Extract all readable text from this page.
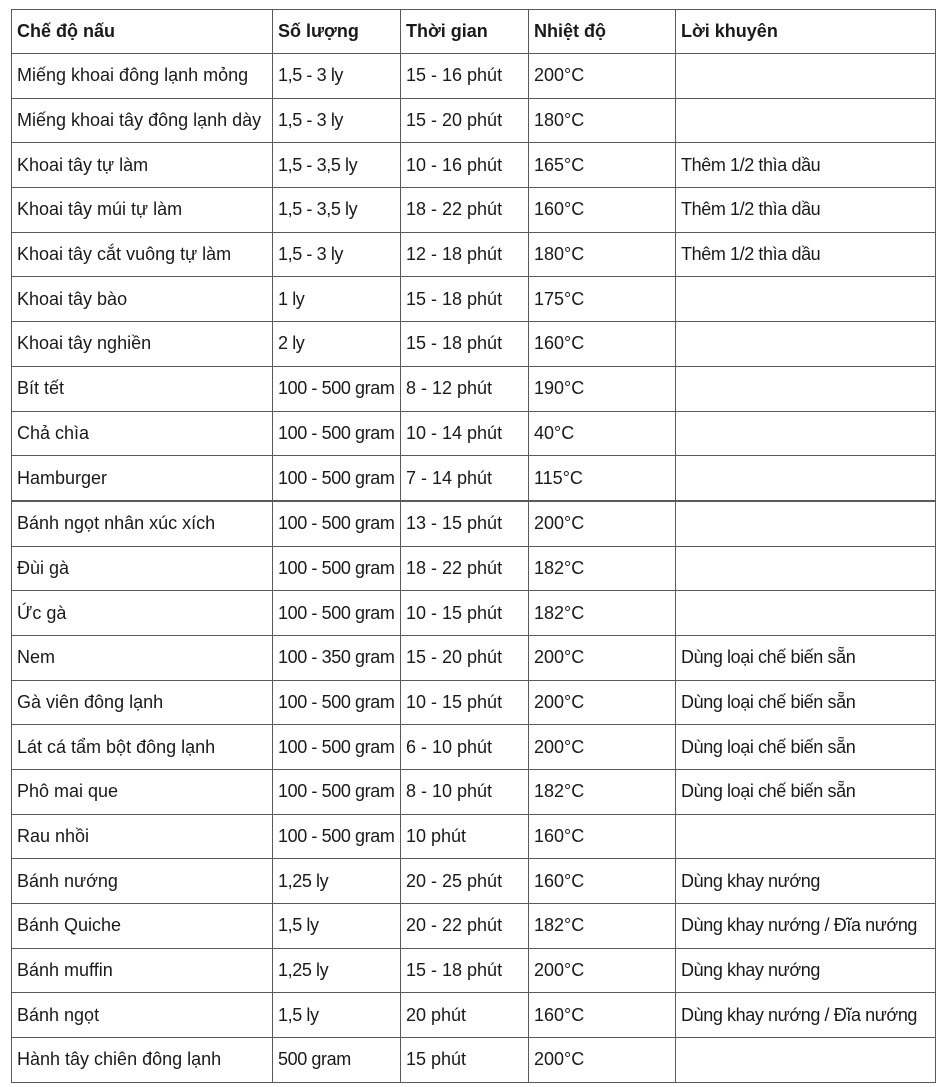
Chế độ nấu	Số lượng	Thời gian	Nhiệt độ	Lời khuyên
Miếng khoai đông lạnh mỏng	1,5 - 3 ly	15 - 16 phút	200°C	
Miếng khoai tây đông lạnh dày	1,5 - 3 ly	15 - 20 phút	180°C	
Khoai tây tự làm	1,5 - 3,5 ly	10 - 16 phút	165°C	Thêm 1/2 thìa dầu
Khoai tây múi tự làm	1,5 - 3,5 ly	18 - 22 phút	160°C	Thêm 1/2 thìa dầu
Khoai tây cắt vuông tự làm	1,5 - 3 ly	12 - 18 phút	180°C	Thêm 1/2 thìa dầu
Khoai tây bào	1 ly	15 - 18 phút	175°C	
Khoai tây nghiền	2 ly	15 - 18 phút	160°C	
Bít tết	100 - 500 gram	8 - 12 phút	190°C	
Chả chìa	100 - 500 gram	10 - 14 phút	40°C	
Hamburger	100 - 500 gram	7 - 14 phút	115°C	
Bánh ngọt nhân xúc xích	100 - 500 gram	13 - 15 phút	200°C	
Đùi gà	100 - 500 gram	18 - 22 phút	182°C	
Ức gà	100 - 500 gram	10 - 15 phút	182°C	
Nem	100 - 350 gram	15 - 20 phút	200°C	Dùng loại chế biến sẵn
Gà viên đông lạnh	100 - 500 gram	10 - 15 phút	200°C	Dùng loại chế biến sẵn
Lát cá tẩm bột đông lạnh	100 - 500 gram	6 - 10 phút	200°C	Dùng loại chế biến sẵn
Phô mai que	100 - 500 gram	8 - 10 phút	182°C	Dùng loại chế biến sẵn
Rau nhồi	100 - 500 gram	10 phút	160°C	
Bánh nướng	1,25 ly	20 - 25 phút	160°C	Dùng khay nướng
Bánh Quiche	1,5 ly	20 - 22 phút	182°C	Dùng khay nướng / Đĩa nướng
Bánh muffin	1,25 ly	15 - 18 phút	200°C	Dùng khay nướng
Bánh ngọt	1,5 ly	20 phút	160°C	Dùng khay nướng / Đĩa nướng
Hành tây chiên đông lạnh	500 gram	15 phút	200°C	
